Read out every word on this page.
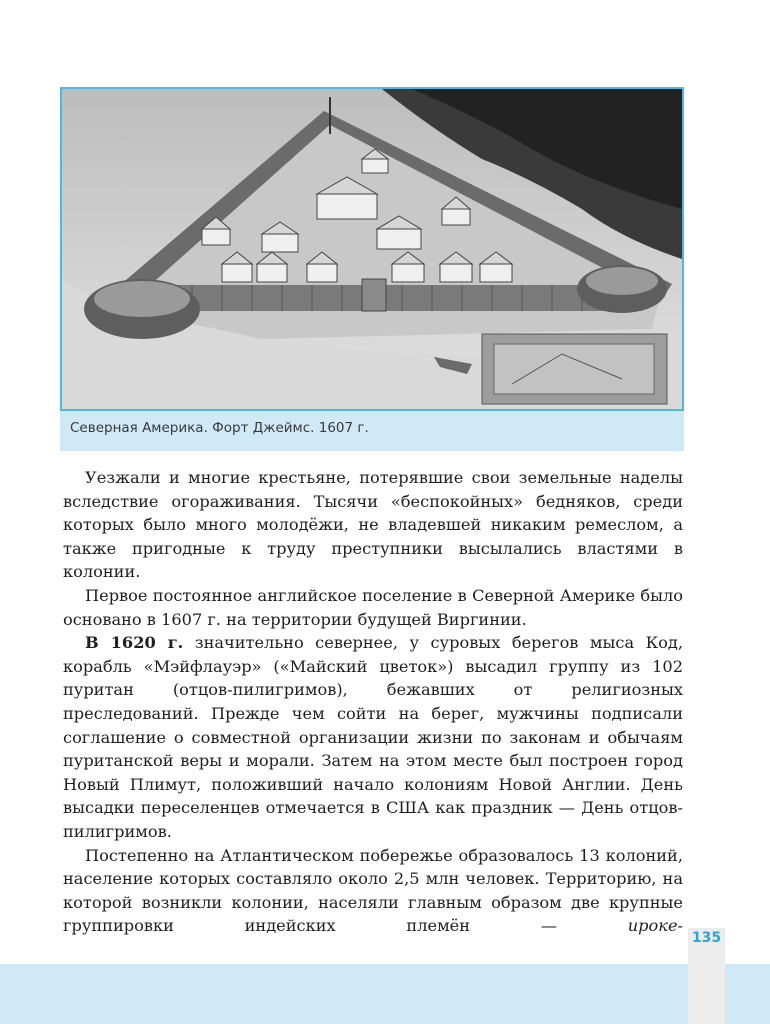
Северная Америка. Форт Джеймс. 1607 г.

Уезжали и многие крестьяне, потерявшие свои земельные наделы вследствие огораживания. Тысячи «беспокойных» бедняков, среди которых было много молодёжи, не владевшей никаким ремеслом, а также пригодные к труду преступники высылались властями в колонии.

Первое постоянное английское поселение в Северной Америке было основано в 1607 г. на территории будущей Виргинии.

В 1620 г. значительно севернее, у суровых берегов мыса Код, корабль «Мэйфлауэр» («Майский цветок») высадил группу из 102 пуритан (отцов-пилигримов), бежавших от религиозных преследований. Прежде чем сойти на берег, мужчины подписали соглашение о совместной организации жизни по законам и обычаям пуританской веры и морали. Затем на этом месте был построен город Новый Плимут, положивший начало колониям Новой Англии. День высадки переселенцев отмечается в США как праздник — День отцов-пилигримов.

Постепенно на Атлантическом побережье образовалось 13 колоний, население которых составляло около 2,5 млн человек. Территорию, на которой возникли колонии, населяли главным образом две крупные группировки индейских племён — ироке-

135
